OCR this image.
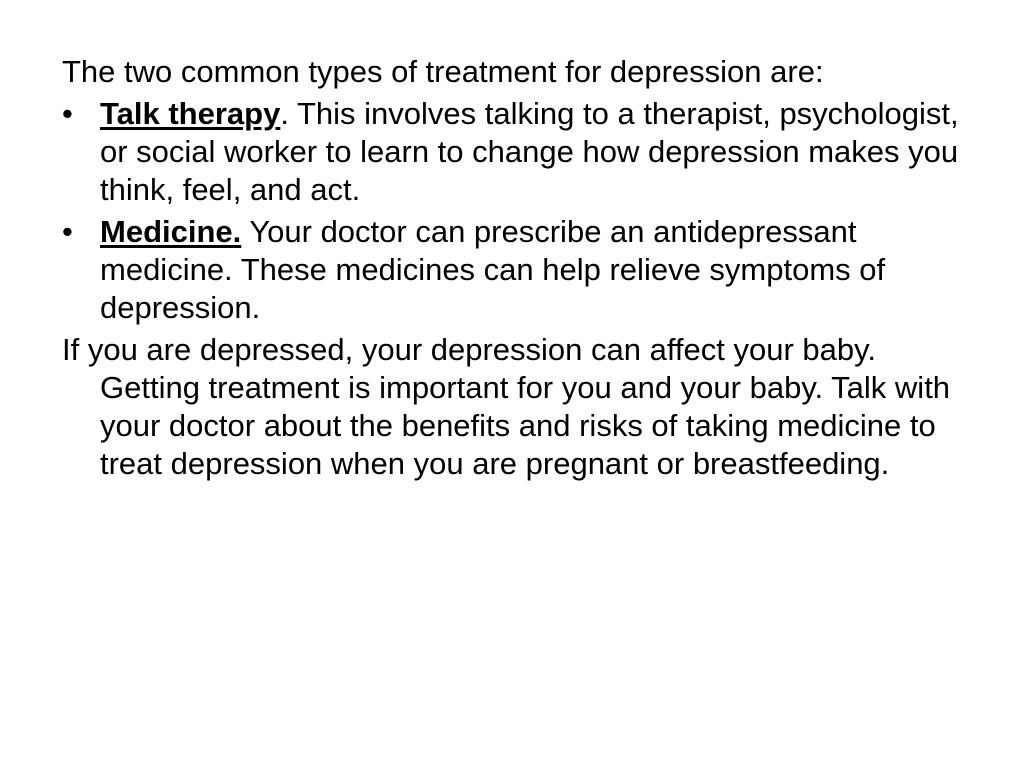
The two common types of treatment for depression are:

• Talk therapy. This involves talking to a therapist, psychologist, or social worker to learn to change how depression makes you think, feel, and act.
• Medicine. Your doctor can prescribe an antidepressant medicine. These medicines can help relieve symptoms of depression.

If you are depressed, your depression can affect your baby. Getting treatment is important for you and your baby. Talk with your doctor about the benefits and risks of taking medicine to treat depression when you are pregnant or breastfeeding.
